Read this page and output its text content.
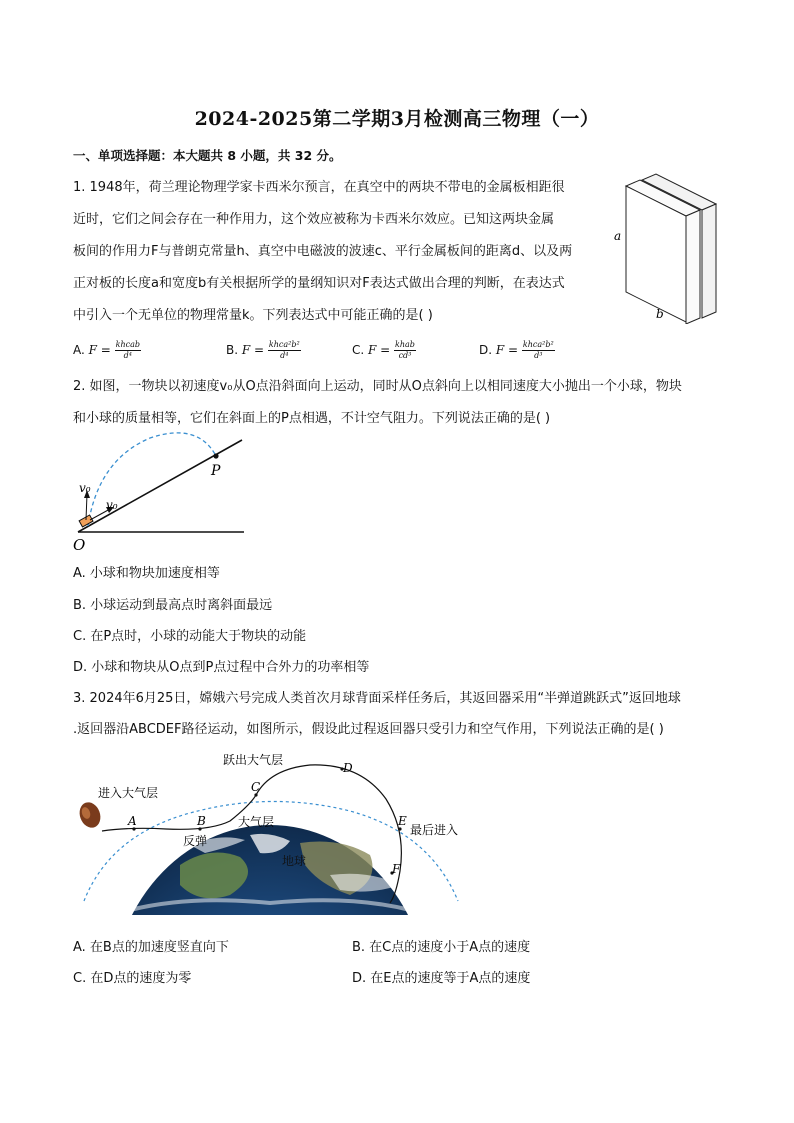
2024-2025第二学期3月检测高三物理（一）
一、单项选择题：本大题共 8 小题，共 32 分。
1. 1948年，荷兰理论物理学家卡西米尔预言，在真空中的两块不带电的金属板相距很
近时，它们之间会存在一种作用力，这个效应被称为卡西米尔效应。已知这两块金属
板间的作用力F与普朗克常量h、真空中电磁波的波速c、平行金属板间的距离d、以及两
正对板的长度a和宽度b有关根据所学的量纲知识对F表达式做出合理的判断，在表达式
中引入一个无单位的物理常量k。下列表达式中可能正确的是( )
a
b
A. $F = \frac{\text{khcab}}{\text{d⁴}}$	B. $F = \frac{\text{khca²b²}}{\text{d⁴}}$	C. $F = \frac{\text{khab}}{\text{cd³}}$	D. $F = \frac{\text{khca²b²}}{\text{d³}}$
2. 如图，一物块以初速度v₀从O点沿斜面向上运动，同时从O点斜向上以相同速度大小抛出一个小球，物块
和小球的质量相等，它们在斜面上的P点相遇，不计空气阻力。下列说法正确的是( )
P
O
v₀
v₀
A. 小球和物块加速度相等
B. 小球运动到最高点时离斜面最远
C. 在P点时，小球的动能大于物块的动能
D. 小球和物块从O点到P点过程中合外力的功率相等
3. 2024年6月25日，嫦娥六号完成人类首次月球背面采样任务后，其返回器采用“半弹道跳跃式”返回地球
.返回器沿ABCDEF路径运动，如图所示，假设此过程返回器只受引力和空气作用，下列说法正确的是( )
A	B
C
D
E
F
进入大气层
跃出大气层
反弹
大气层
地球
最后进入
A. 在B点的加速度竖直向下	B. 在C点的速度小于A点的速度
C. 在D点的速度为零	D. 在E点的速度等于A点的速度
